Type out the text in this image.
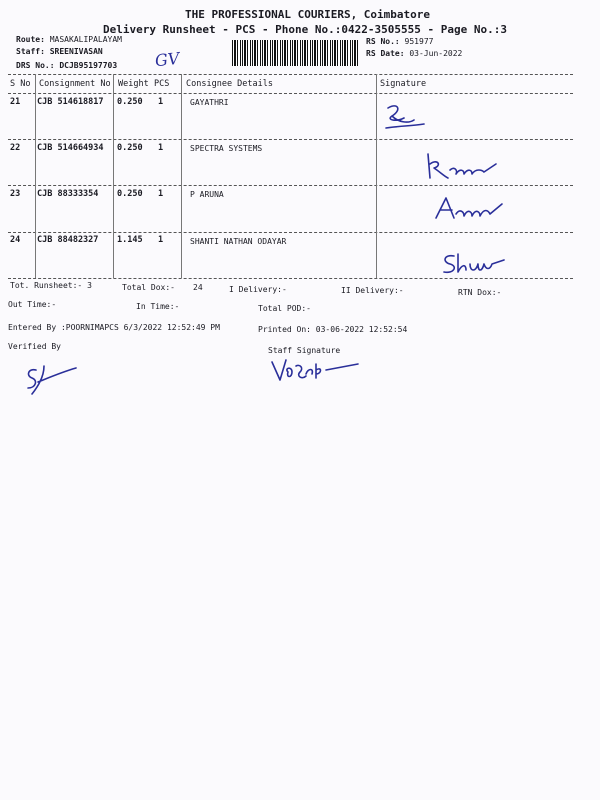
THE PROFESSIONAL COURIERS, Coimbatore
Delivery Runsheet - PCS - Phone No.:0422-3505555 - Page No.:3
Route: MASAKALIPALAYAM
Staff: SREENIVASAN
DRS No.: DCJB95197703 GV
RS No.: 951977
RS Date: 03-Jun-2022
S No Consignment No Weight PCS Consignee Details	Signature
21 CJB 514618817 0.250 1	GAYATHRI
22 CJB 514664934 0.250 1	SPECTRA SYSTEMS
23 CJB 88333354 0.250 1	P ARUNA
24 CJB 88482327 1.145 1	SHANTI NATHAN ODAYAR
Tot. Runsheet:- 3	Total Dox:- 24	I Delivery:-	II Delivery:-	RTN Dox:-
Out Time:-	In Time:-	Total POD:-
Entered By :POORNIMAPCS 6/3/2022 12:52:49 PM	Printed On: 03-06-2022 12:52:54
Verified By	Staff Signature
